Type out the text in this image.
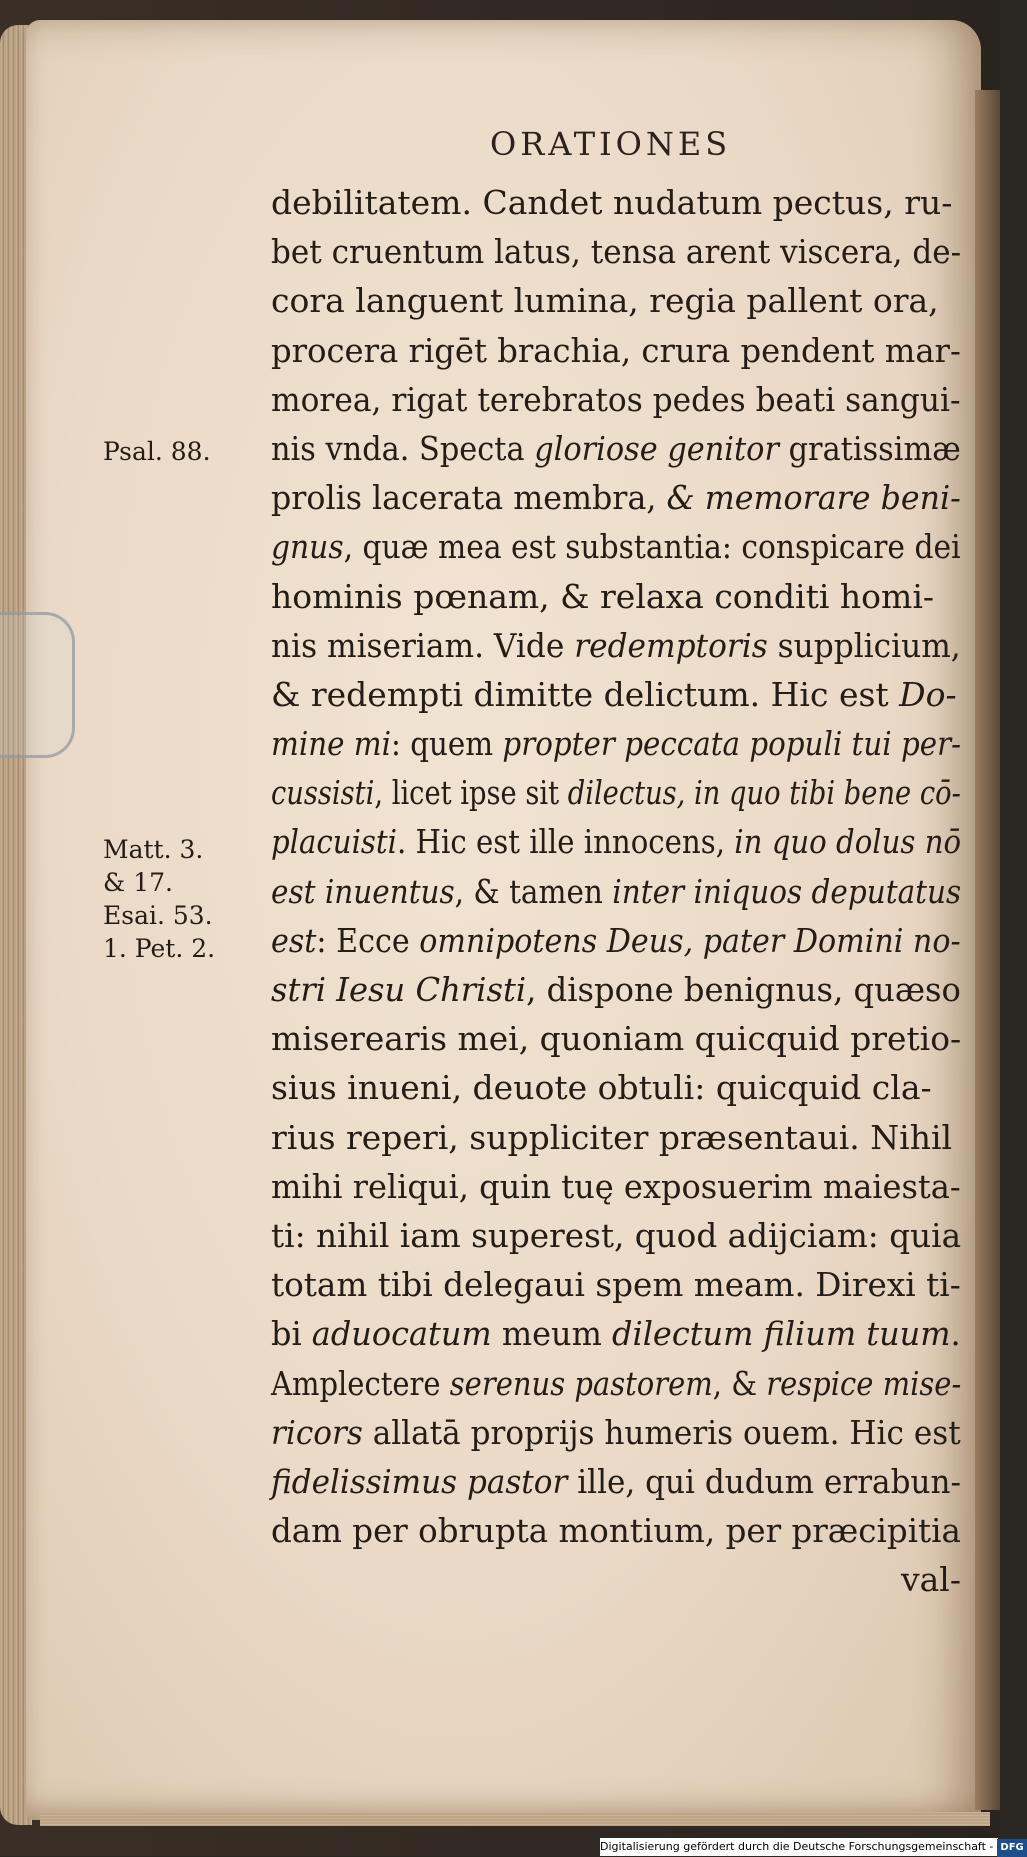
ORATIONES
Psal. 88.
Matt. 3.
& 17.
Esai. 53.
1. Pet. 2.
debilitatem. Candet nudatum pectus, ru-
bet cruentum latus, tensa arent viscera, de-
cora languent lumina, regia pallent ora,
procera rigēt brachia, crura pendent mar-
morea, rigat terebratos pedes beati sangui-
nis vnda. Specta gloriose genitor gratissimæ
prolis lacerata membra, & memorare beni-
gnus, quæ mea est substantia: conspicare dei
hominis pœnam, & relaxa conditi homi-
nis miseriam. Vide redemptoris supplicium,
& redempti dimitte delictum. Hic est Do-
mine mi: quem propter peccata populi tui per-
cussisti, licet ipse sit dilectus, in quo tibi bene cō-
placuisti. Hic est ille innocens, in quo dolus nō
est inuentus, & tamen inter iniquos deputatus
est: Ecce omnipotens Deus, pater Domini no-
stri Iesu Christi, dispone benignus, quæso
miserearis mei, quoniam quicquid pretio-
sius inueni, deuote obtuli: quicquid cla-
rius reperi, suppliciter præsentaui. Nihil
mihi reliqui, quin tuę exposuerim maiesta-
ti: nihil iam superest, quod adijciam: quia
totam tibi delegaui spem meam. Direxi ti-
bi aduocatum meum dilectum filium tuum.
Amplectere serenus pastorem, & respice mise-
ricors allatā proprijs humeris ouem. Hic est
fidelissimus pastor ille, qui dudum errabun-
dam per obrupta montium, per præcipitia
val-
Digitalisierung gefördert durch die Deutsche Forschungsgemeinschaft - DFG
